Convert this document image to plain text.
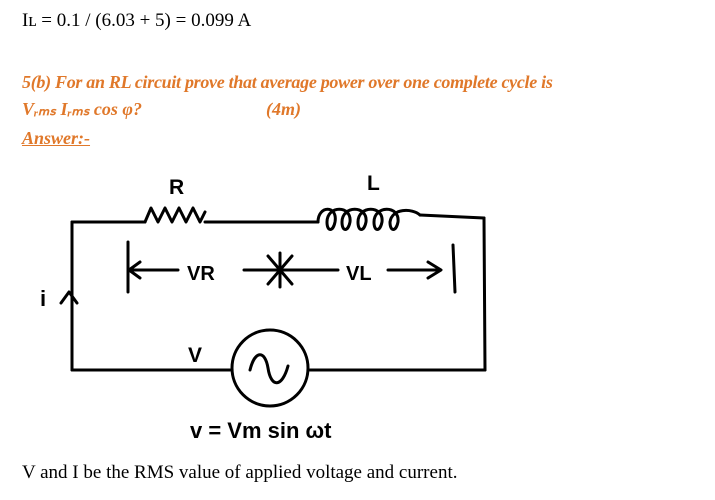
Iʟ = 0.1 / (6.03 + 5) = 0.099 A
5(b) For an RL circuit prove that average power over one complete cycle is
Vᵣₘₛ Iᵣₘₛ cos φ?	(4m)
Answer:-
R	L
VR	VL
i
V
v = Vm sin ωt
V and I be the RMS value of applied voltage and current.
